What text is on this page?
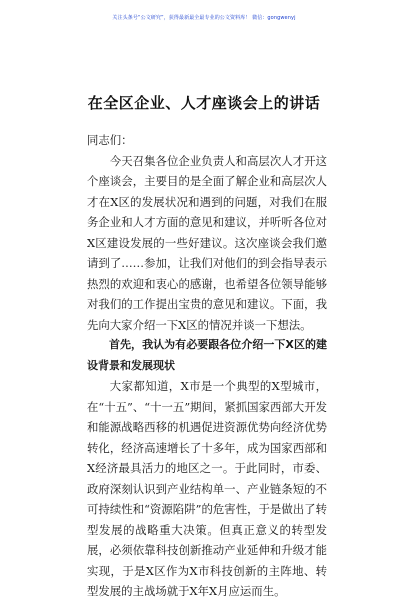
关注头条号“公文研究”，获得最新最全最专业的公文资料库！ 微信：gongwenyj
在全区企业、人才座谈会上的讲话

同志们：

今天召集各位企业负责人和高层次人才开这个座谈会，主要目的是全面了解企业和高层次人才在X区的发展状况和遇到的问题，对我们在服务企业和人才方面的意见和建议，并听听各位对X区建设发展的一些好建议。这次座谈会我们邀请到了……参加，让我们对他们的到会指导表示热烈的欢迎和衷心的感谢，也希望各位领导能够对我们的工作提出宝贵的意见和建议。下面，我先向大家介绍一下X区的情况并谈一下想法。

首先，我认为有必要跟各位介绍一下X区的建设背景和发展现状

大家都知道，X市是一个典型的X型城市，在“十五”、“十一五”期间，紧抓国家西部大开发和能源战略西移的机遇促进资源优势向经济优势转化，经济高速增长了十多年，成为国家西部和X经济最具活力的地区之一。于此同时，市委、政府深刻认识到产业结构单一、产业链条短的不可持续性和“资源陷阱”的危害性，于是做出了转型发展的战略重大决策。但真正意义的转型发展，必须依靠科技创新推动产业延伸和升级才能实现，于是X区作为X市科技创新的主阵地、转型发展的主战场就于X年X月应运而生。
